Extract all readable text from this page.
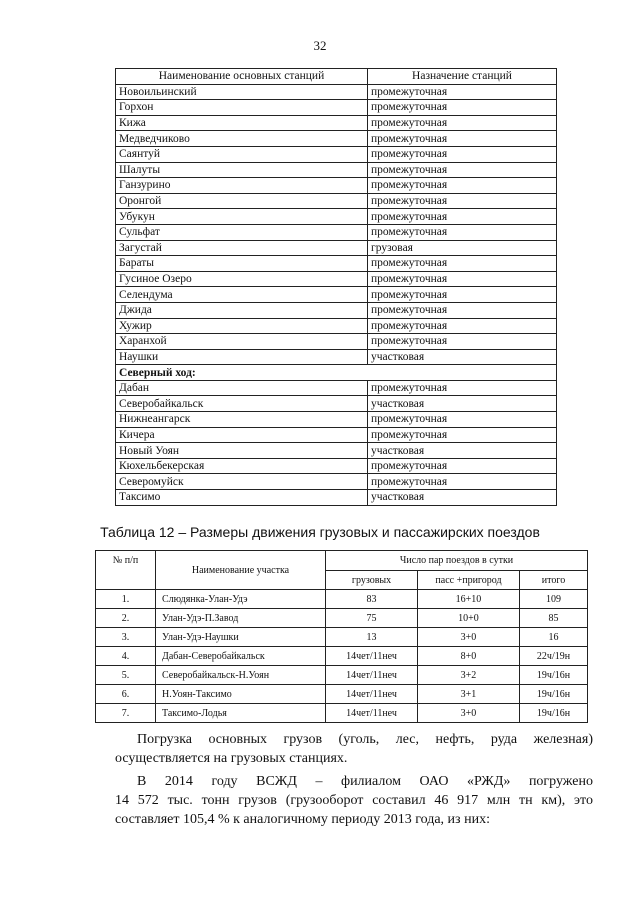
32
Наименование основных станций	Назначение станций
Новоильинский	промежуточная
Горхон	промежуточная
Кижа	промежуточная
Медведчиково	промежуточная
Саянтуй	промежуточная
Шалуты	промежуточная
Ганзурино	промежуточная
Оронгой	промежуточная
Убукун	промежуточная
Сульфат	промежуточная
Загустай	грузовая
Бараты	промежуточная
Гусиное Озеро	промежуточная
Селендума	промежуточная
Джида	промежуточная
Хужир	промежуточная
Харанхой	промежуточная
Наушки	участковая
Северный ход:	
Дабан	промежуточная
Северобайкальск	участковая
Нижнеангарск	промежуточная
Кичера	промежуточная
Новый Уоян	участковая
Кюхельбекерская	промежуточная
Северомуйск	промежуточная
Таксимо	участковая
Таблица 12 – Размеры движения грузовых и пассажирских поездов
№ п/п	Наименование участка	Число пар поездов в сутки		
		грузовых	пасс +пригород	итого
1.	Слюдянка-Улан-Удэ	83	16+10	109
2.	Улан-Удэ-П.Завод	75	10+0	85
3.	Улан-Удэ-Наушки	13	3+0	16
4.	Дабан-Северобайкальск	14чет/11неч	8+0	22ч/19н
5.	Северобайкальск-Н.Уоян	14чет/11неч	3+2	19ч/16н
6.	Н.Уоян-Таксимо	14чет/11неч	3+1	19ч/16н
7.	Таксимо-Лодья	14чет/11неч	3+0	19ч/16н
Погрузка основных грузов (уголь, лес, нефть, руда железная)
осуществляется на грузовых станциях.
В 2014 году ВСЖД – филиалом ОАО «РЖД» погружено
14 572 тыс. тонн грузов (грузооборот составил 46 917 млн тн км), это
составляет 105,4 % к аналогичному периоду 2013 года, из них:
